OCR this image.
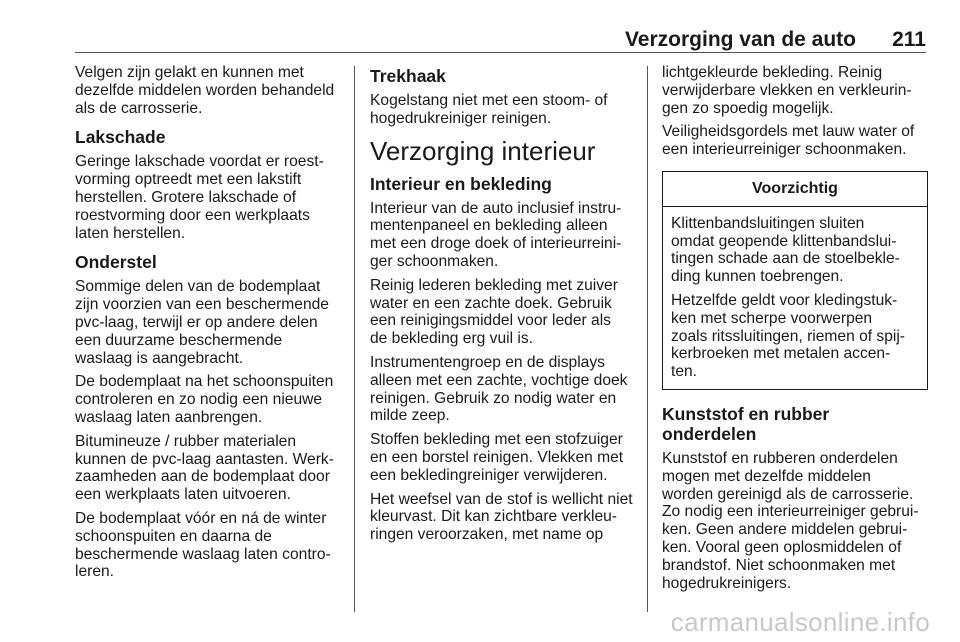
Verzorging van de auto 211

Velgen zijn gelakt en kunnen met
dezelfde middelen worden behandeld
als de carrosserie.

Lakschade

Geringe lakschade voordat er roest-
vorming optreedt met een lakstift
herstellen. Grotere lakschade of
roestvorming door een werkplaats
laten herstellen.

Onderstel

Sommige delen van de bodemplaat
zijn voorzien van een beschermende
pvc-laag, terwijl er op andere delen
een duurzame beschermende
waslaag is aangebracht.

De bodemplaat na het schoonspuiten
controleren en zo nodig een nieuwe
waslaag laten aanbrengen.

Bitumineuze / rubber materialen
kunnen de pvc-laag aantasten. Werk-
zaamheden aan de bodemplaat door
een werkplaats laten uitvoeren.

De bodemplaat vóór en ná de winter
schoonspuiten en daarna de
beschermende waslaag laten contro-
leren.

Trekhaak

Kogelstang niet met een stoom- of
hogedrukreiniger reinigen.

Verzorging interieur
Interieur en bekleding

Interieur van de auto inclusief instru-
mentenpaneel en bekleding alleen
met een droge doek of interieurreini-
ger schoonmaken.

Reinig lederen bekleding met zuiver
water en een zachte doek. Gebruik
een reinigingsmiddel voor leder als
de bekleding erg vuil is.

Instrumentengroep en de displays
alleen met een zachte, vochtige doek
reinigen. Gebruik zo nodig water en
milde zeep.

Stoffen bekleding met een stofzuiger
en een borstel reinigen. Vlekken met
een bekledingreiniger verwijderen.

Het weefsel van de stof is wellicht niet
kleurvast. Dit kan zichtbare verkleu-
ringen veroorzaken, met name op

lichtgekleurde bekleding. Reinig
verwijderbare vlekken en verkleurin-
gen zo spoedig mogelijk.

Veiligheidsgordels met lauw water of
een interieurreiniger schoonmaken.

Voorzichtig

Klittenbandsluitingen sluiten
omdat geopende klittenbandslui-
tingen schade aan de stoelbekle-
ding kunnen toebrengen.

Hetzelfde geldt voor kledingstuk-
ken met scherpe voorwerpen
zoals ritssluitingen, riemen of spij-
kerbroeken met metalen accen-
ten.

Kunststof en rubber onderdelen

Kunststof en rubberen onderdelen
mogen met dezelfde middelen
worden gereinigd als de carrosserie.
Zo nodig een interieurreiniger gebrui-
ken. Geen andere middelen gebrui-
ken. Vooral geen oplosmiddelen of
brandstof. Niet schoonmaken met
hogedrukreinigers.

carmanualsonline.info
